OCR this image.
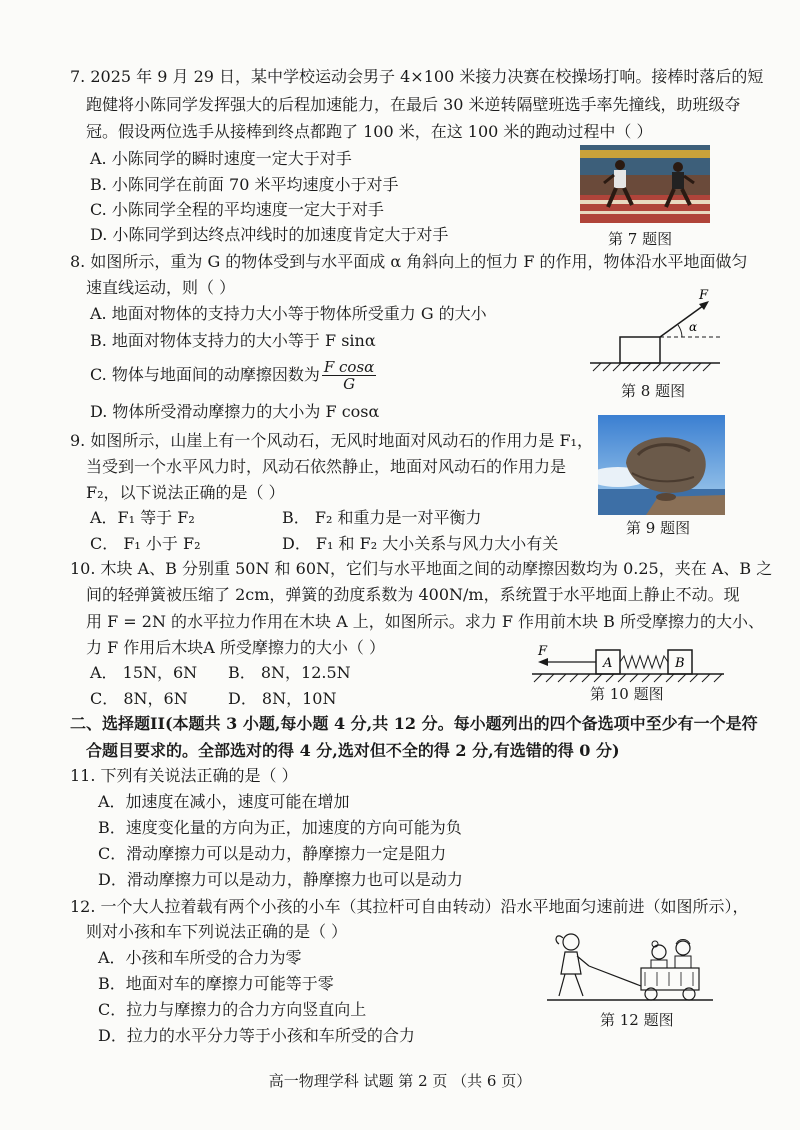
7. 2025 年 9 月 29 日，某中学校运动会男子 4×100 米接力决赛在校操场打响。接棒时落后的短
跑健将小陈同学发挥强大的后程加速能力，在最后 30 米逆转隔壁班选手率先撞线，助班级夺
冠。假设两位选手从接棒到终点都跑了 100 米，在这 100 米的跑动过程中（ ）
A. 小陈同学的瞬时速度一定大于对手
B. 小陈同学在前面 70 米平均速度小于对手
C. 小陈同学全程的平均速度一定大于对手
D. 小陈同学到达终点冲线时的加速度肯定大于对手	第 7 题图
8. 如图所示，重为 G 的物体受到与水平面成 α 角斜向上的恒力 F 的作用，物体沿水平地面做匀
速直线运动，则（ ）
A. 地面对物体的支持力大小等于物体所受重力 G 的大小
B. 地面对物体支持力的大小等于 F sinα
C. 物体与地面间的动摩擦因数为 $\frac{\text{F cosα}}{G}$
D. 物体所受滑动摩擦力的大小为 F cosα
F
α
第 8 题图
9. 如图所示，山崖上有一个风动石，无风时地面对风动石的作用力是 F₁，
当受到一个水平风力时，风动石依然静止，地面对风动石的作用力是
F₂，以下说法正确的是（ ）
A．F₁ 等于 F₂	B． F₂ 和重力是一对平衡力
C． F₁ 小于 F₂	D． F₁ 和 F₂ 大小关系与风力大小有关
第 9 题图
10. 木块 A、B 分别重 50N 和 60N，它们与水平地面之间的动摩擦因数均为 0.25，夹在 A、B 之
间的轻弹簧被压缩了 2cm，弹簧的劲度系数为 400N/m，系统置于水平地面上静止不动。现
用 F = 2N 的水平拉力作用在木块 A 上，如图所示。求力 F 作用前木块 B 所受摩擦力的大小、
力 F 作用后木块A 所受摩擦力的大小（ ）
A． 15N，6N B． 8N，12.5N
C． 8N，6N	D． 8N，10N
F
A	B
第 10 题图
二、选择题II(本题共 3 小题,每小题 4 分,共 12 分。每小题列出的四个备选项中至少有一个是符
合题目要求的。全部选对的得 4 分,选对但不全的得 2 分,有选错的得 0 分)
11. 下列有关说法正确的是（ ）
A．加速度在减小，速度可能在增加
B．速度变化量的方向为正，加速度的方向可能为负
C．滑动摩擦力可以是动力，静摩擦力一定是阻力
D．滑动摩擦力可以是动力，静摩擦力也可以是动力
12. 一个大人拉着载有两个小孩的小车（其拉杆可自由转动）沿水平地面匀速前进（如图所示），
则对小孩和车下列说法正确的是（ ）
A．小孩和车所受的合力为零
B．地面对车的摩擦力可能等于零
C．拉力与摩擦力的合力方向竖直向上
D．拉力的水平分力等于小孩和车所受的合力
第 12 题图
高一物理学科 试题 第 2 页 （共 6 页）
